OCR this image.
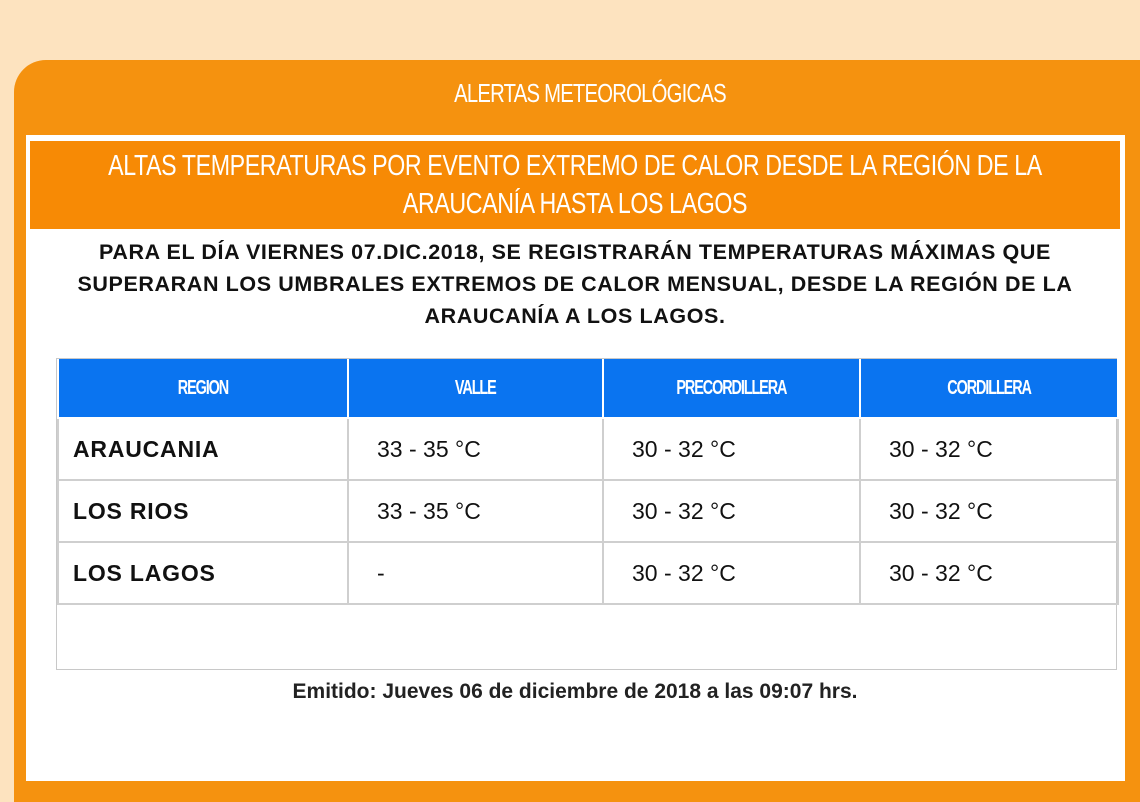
ALERTAS METEOROLÓGICAS
ALTAS TEMPERATURAS POR EVENTO EXTREMO DE CALOR DESDE LA REGIÓN DE LA ARAUCANÍA HASTA LOS LAGOS
PARA EL DÍA VIERNES 07.DIC.2018, SE REGISTRARÁN TEMPERATURAS MÁXIMAS QUE SUPERARAN LOS UMBRALES EXTREMOS DE CALOR MENSUAL, DESDE LA REGIÓN DE LA ARAUCANÍA A LOS LAGOS.
REGION	VALLE	PRECORDILLERA	CORDILLERA
ARAUCANIA	33 - 35 °C	30 - 32 °C	30 - 32 °C
LOS RIOS	33 - 35 °C	30 - 32 °C	30 - 32 °C
LOS LAGOS	-	30 - 32 °C	30 - 32 °C
Emitido: Jueves 06 de diciembre de 2018 a las 09:07 hrs.
